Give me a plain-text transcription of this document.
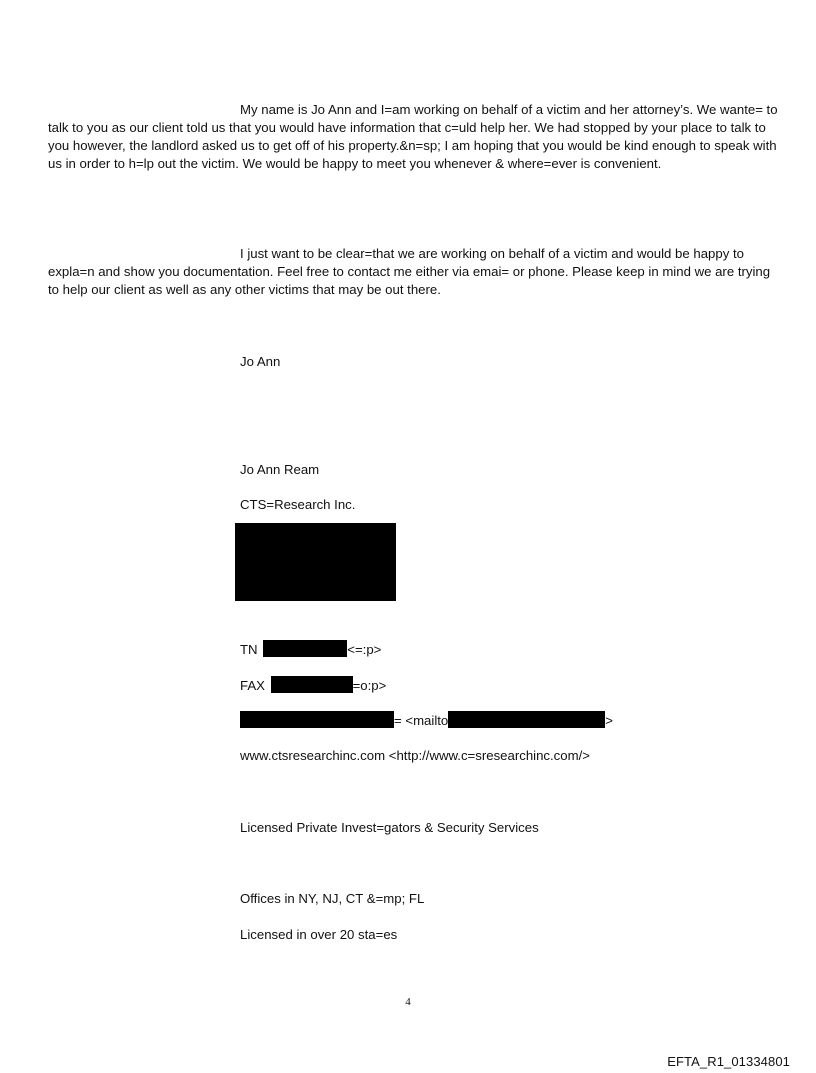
My name is Jo Ann and I=am working on behalf of a victim and her attorney’s. We wante= to talk to you as our client told us that you would have information that c=uld help her. We had stopped by your place to talk to you however, the landlord asked us to get off of his property.&n=sp; I am hoping that you would be kind enough to speak with us in order to h=lp out the victim. We would be happy to meet you whenever & where=ever is convenient.

I just want to be clear=that we are working on behalf of a victim and would be happy to expla=n and show you documentation. Feel free to contact me either via emai= or phone. Please keep in mind we are trying to help our client as well as any other victims that may be out there.

Jo Ann

Jo Ann Ream

CTS=Research Inc.

TN	<=:p>

FAX	=o:p>

= <mailto	>

www.ctsresearchinc.com <http://www.c=sresearchinc.com/>

Licensed Private Invest=gators & Security Services

Offices in NY, NJ, CT &=mp; FL

Licensed in over 20 sta=es

4
EFTA_R1_01334801
